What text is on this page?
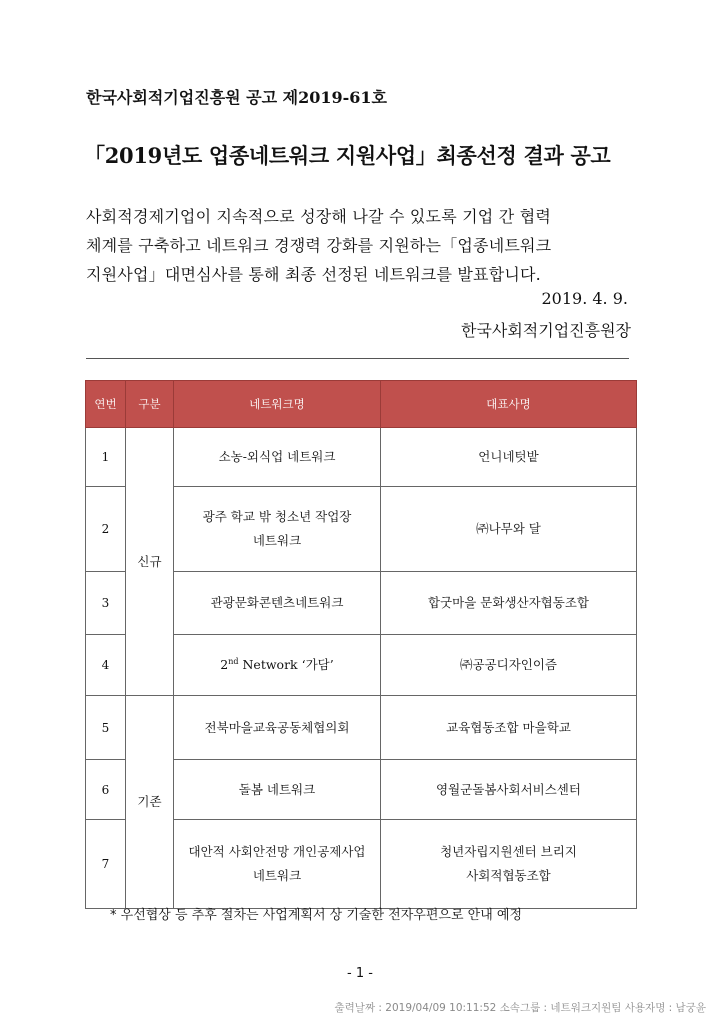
한국사회적기업진흥원 공고 제2019-61호
「2019년도 업종네트워크 지원사업」최종선정 결과 공고

사회적경제기업이 지속적으로 성장해 나갈 수 있도록 기업 간 협력

체계를 구축하고 네트워크 경쟁력 강화를 지원하는「업종네트워크

지원사업」대면심사를 통해 최종 선정된 네트워크를 발표합니다.

2019. 4. 9.
한국사회적기업진흥원장
연번	구분	네트워크명	대표사명
1	신규	소농-외식업 네트워크	언니네텃밭
2		광주 학교 밖 청소년 작업장
네트워크	㈜나무와 달
3		관광문화콘텐츠네트워크	합굿마을 문화생산자협동조합
4		2nd Network ‘가담’	㈜공공디자인이즘
5	기존	전북마을교육공동체협의회	교육협동조합 마을학교
6		돌봄 네트워크	영월군돌봄사회서비스센터
7		대안적 사회안전망 개인공제사업
네트워크	청년자립지원센터 브리지
사회적협동조합
* 우선협상 등 추후 절차는 사업계획서 상 기술한 전자우편으로 안내 예정
- 1 -
출력날짜 : 2019/04/09 10:11:52 소속그룹 : 네트워크지원팀 사용자명 : 남궁윤
